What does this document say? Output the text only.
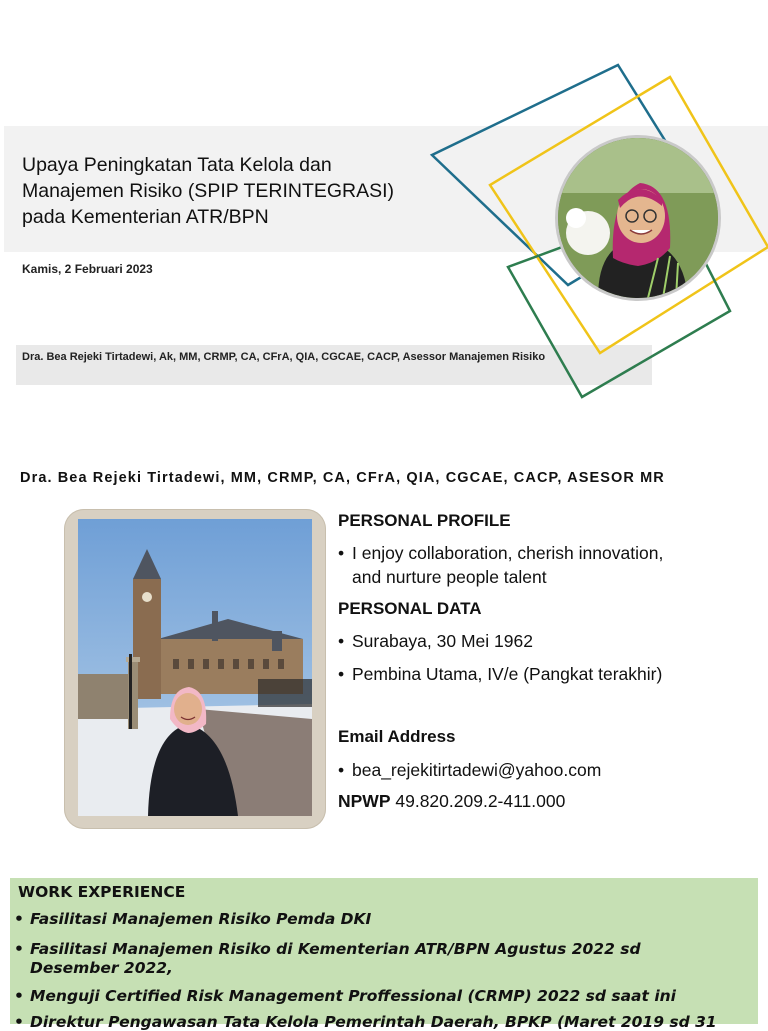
Upaya Peningkatan Tata Kelola dan
Manajemen Risiko (SPIP TERINTEGRASI)
pada Kementerian ATR/BPN
Kamis, 2 Februari 2023
Dra. Bea Rejeki Tirtadewi, Ak, MM, CRMP, CA, CFrA, QIA, CGCAE, CACP, Asessor Manajemen Risiko
Dra. Bea Rejeki Tirtadewi, MM, CRMP, CA, CFrA, QIA, CGCAE, CACP, ASESOR MR
PERSONAL PROFILE
• I enjoy collaboration, cherish innovation,
and nurture people talent
PERSONAL DATA
• Surabaya, 30 Mei 1962
• Pembina Utama, IV/e (Pangkat terakhir)
Email Address
• bea_rejekitirtadewi@yahoo.com
NPWP 49.820.209.2-411.000
WORK EXPERIENCE
• Fasilitasi Manajemen Risiko Pemda DKI
• Fasilitasi Manajemen Risiko di Kementerian ATR/BPN Agustus 2022 sd
Desember 2022,
• Menguji Certified Risk Management Proffessional (CRMP) 2022 sd saat ini
• Direktur Pengawasan Tata Kelola Pemerintah Daerah, BPKP (Maret 2019 sd 31
